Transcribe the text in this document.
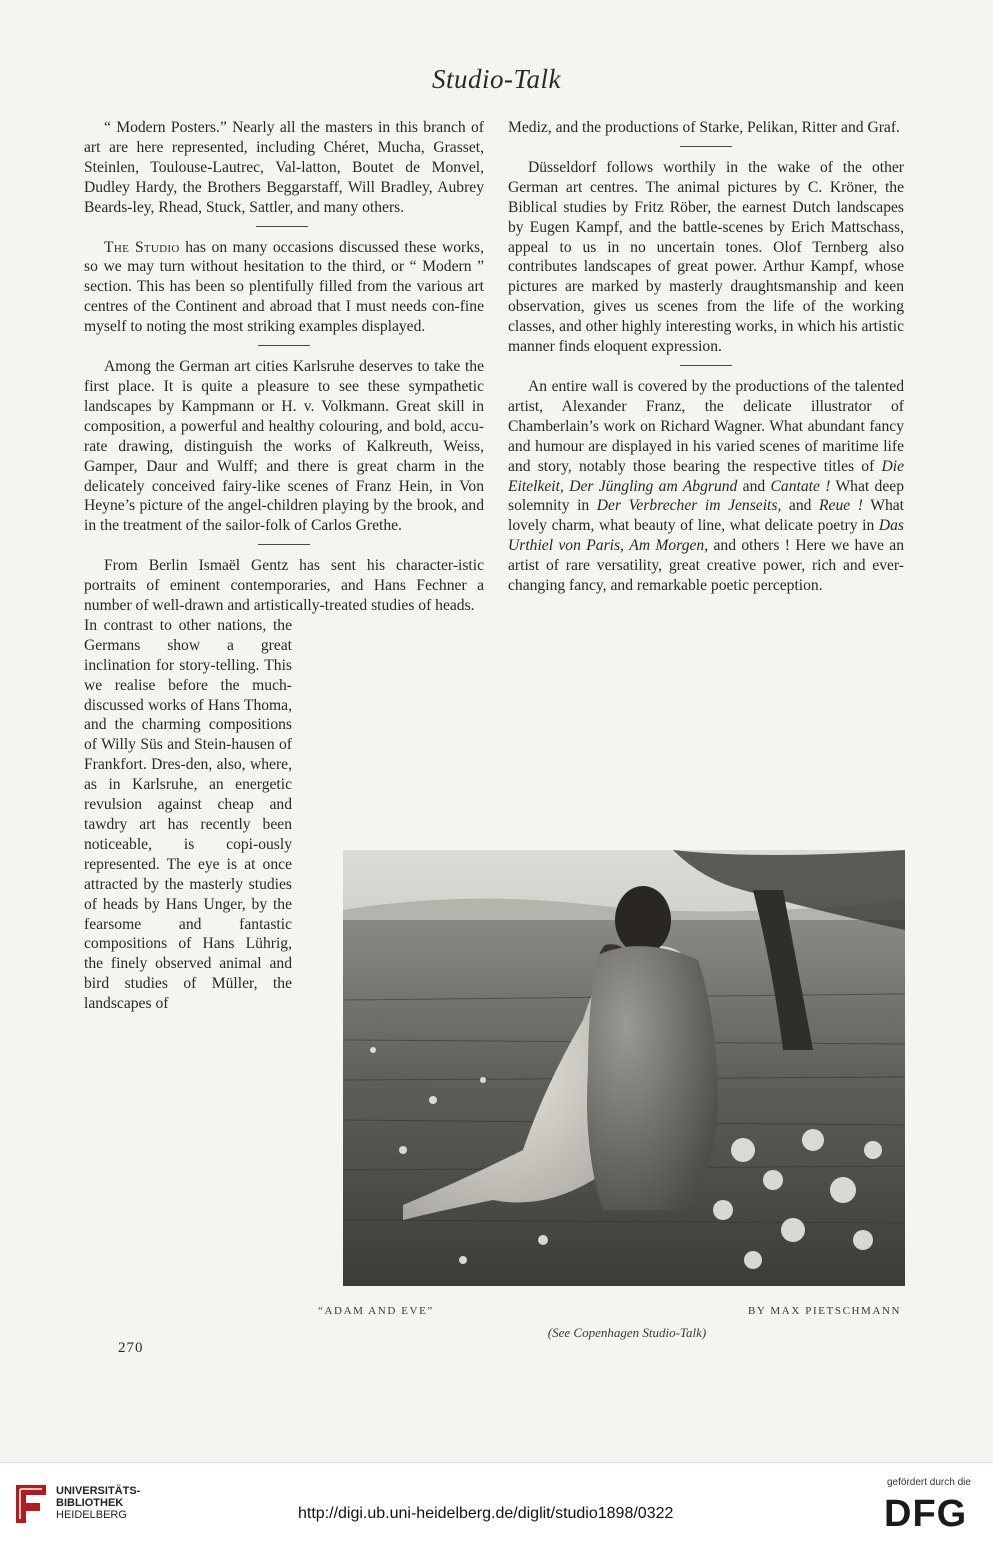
Studio-Talk

“ Modern Posters.” Nearly all the masters in this branch of art are here represented, including Chéret, Mucha, Grasset, Steinlen, Toulouse-Lautrec, Val-latton, Boutet de Monvel, Dudley Hardy, the Brothers Beggarstaff, Will Bradley, Aubrey Beards-ley, Rhead, Stuck, Sattler, and many others.

The Studio has on many occasions discussed these works, so we may turn without hesitation to the third, or “ Modern ” section. This has been so plentifully filled from the various art centres of the Continent and abroad that I must needs con-fine myself to noting the most striking examples displayed.

Among the German art cities Karlsruhe deserves to take the first place. It is quite a pleasure to see these sympathetic landscapes by Kampmann or H. v. Volkmann. Great skill in composition, a powerful and healthy colouring, and bold, accu-rate drawing, distinguish the works of Kalkreuth, Weiss, Gamper, Daur and Wulff; and there is great charm in the delicately conceived fairy-like scenes of Franz Hein, in Von Heyne’s picture of the angel-children playing by the brook, and in the treatment of the sailor-folk of Carlos Grethe.

From Berlin Ismaël Gentz has sent his character-istic portraits of eminent contemporaries, and Hans Fechner a number of well-drawn and artistically-treated studies of heads.

In contrast to other nations, the Germans show a great inclination for story-telling. This we realise before the much-discussed works of Hans Thoma, and the charming compositions of Willy Süs and Stein-hausen of Frankfort. Dres-den, also, where, as in Karlsruhe, an energetic revulsion against cheap and tawdry art has recently been noticeable, is copi-ously represented. The eye is at once attracted by the masterly studies of heads by Hans Unger, by the fearsome and fantastic compositions of Hans Lührig, the finely observed animal and bird studies of Müller, the landscapes of

Mediz, and the productions of Starke, Pelikan, Ritter and Graf.

Düsseldorf follows worthily in the wake of the other German art centres. The animal pictures by C. Kröner, the Biblical studies by Fritz Röber, the earnest Dutch landscapes by Eugen Kampf, and the battle-scenes by Erich Mattschass, appeal to us in no uncertain tones. Olof Ternberg also contributes landscapes of great power. Arthur Kampf, whose pictures are marked by masterly draughtsmanship and keen observation, gives us scenes from the life of the working classes, and other highly interesting works, in which his artistic manner finds eloquent expression.

An entire wall is covered by the productions of the talented artist, Alexander Franz, the delicate illustrator of Chamberlain’s work on Richard Wagner. What abundant fancy and humour are displayed in his varied scenes of maritime life and story, notably those bearing the respective titles of Die Eitelkeit, Der Jüngling am Abgrund and Cantate ! What deep solemnity in Der Verbrecher im Jenseits, and Reue ! What lovely charm, what beauty of line, what delicate poetry in Das Urthiel von Paris, Am Morgen, and others ! Here we have an artist of rare versatility, great creative power, rich and ever-changing fancy, and remarkable poetic perception.

“ADAM AND EVE”	BY MAX PIETSCHMANN
(See Copenhagen Studio-Talk)
270
UNIVERSITÄTS-
BIBLIOTHEK
HEIDELBERG	http://digi.ub.uni-heidelberg.de/diglit/studio1898/0322
gefördert durch die
DFG
